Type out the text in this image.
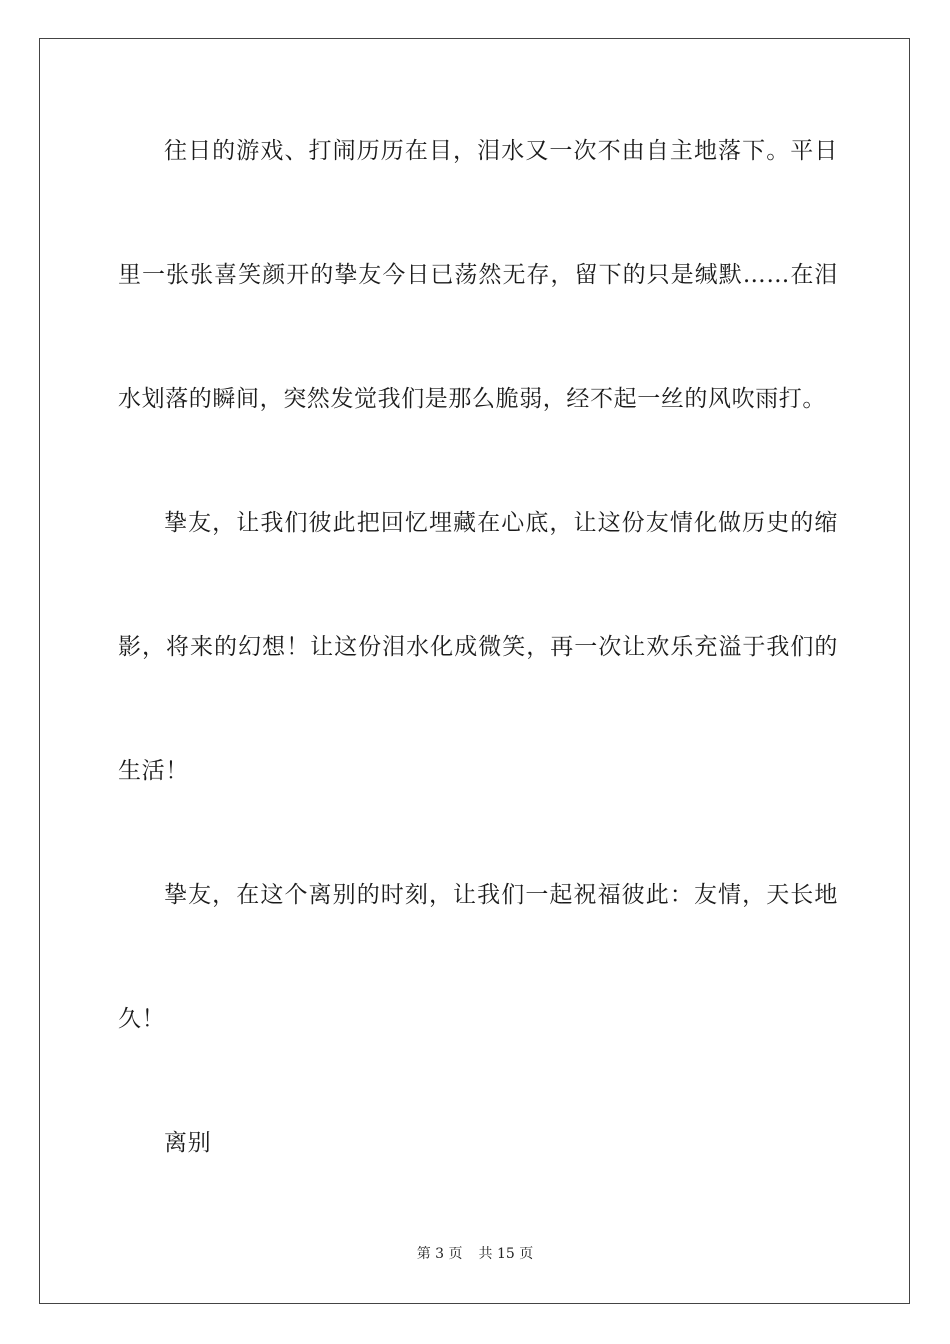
往日的游戏、打闹历历在目，泪水又一次不由自主地落下。平日
里一张张喜笑颜开的挚友今日已荡然无存，留下的只是缄默……在泪
水划落的瞬间，突然发觉我们是那么脆弱，经不起一丝的风吹雨打。
挚友，让我们彼此把回忆埋藏在心底，让这份友情化做历史的缩
影，将来的幻想！让这份泪水化成微笑，再一次让欢乐充溢于我们的
生活！
挚友，在这个离别的时刻，让我们一起祝福彼此：友情，天长地
久！
离别
第 3 页 共 15 页
